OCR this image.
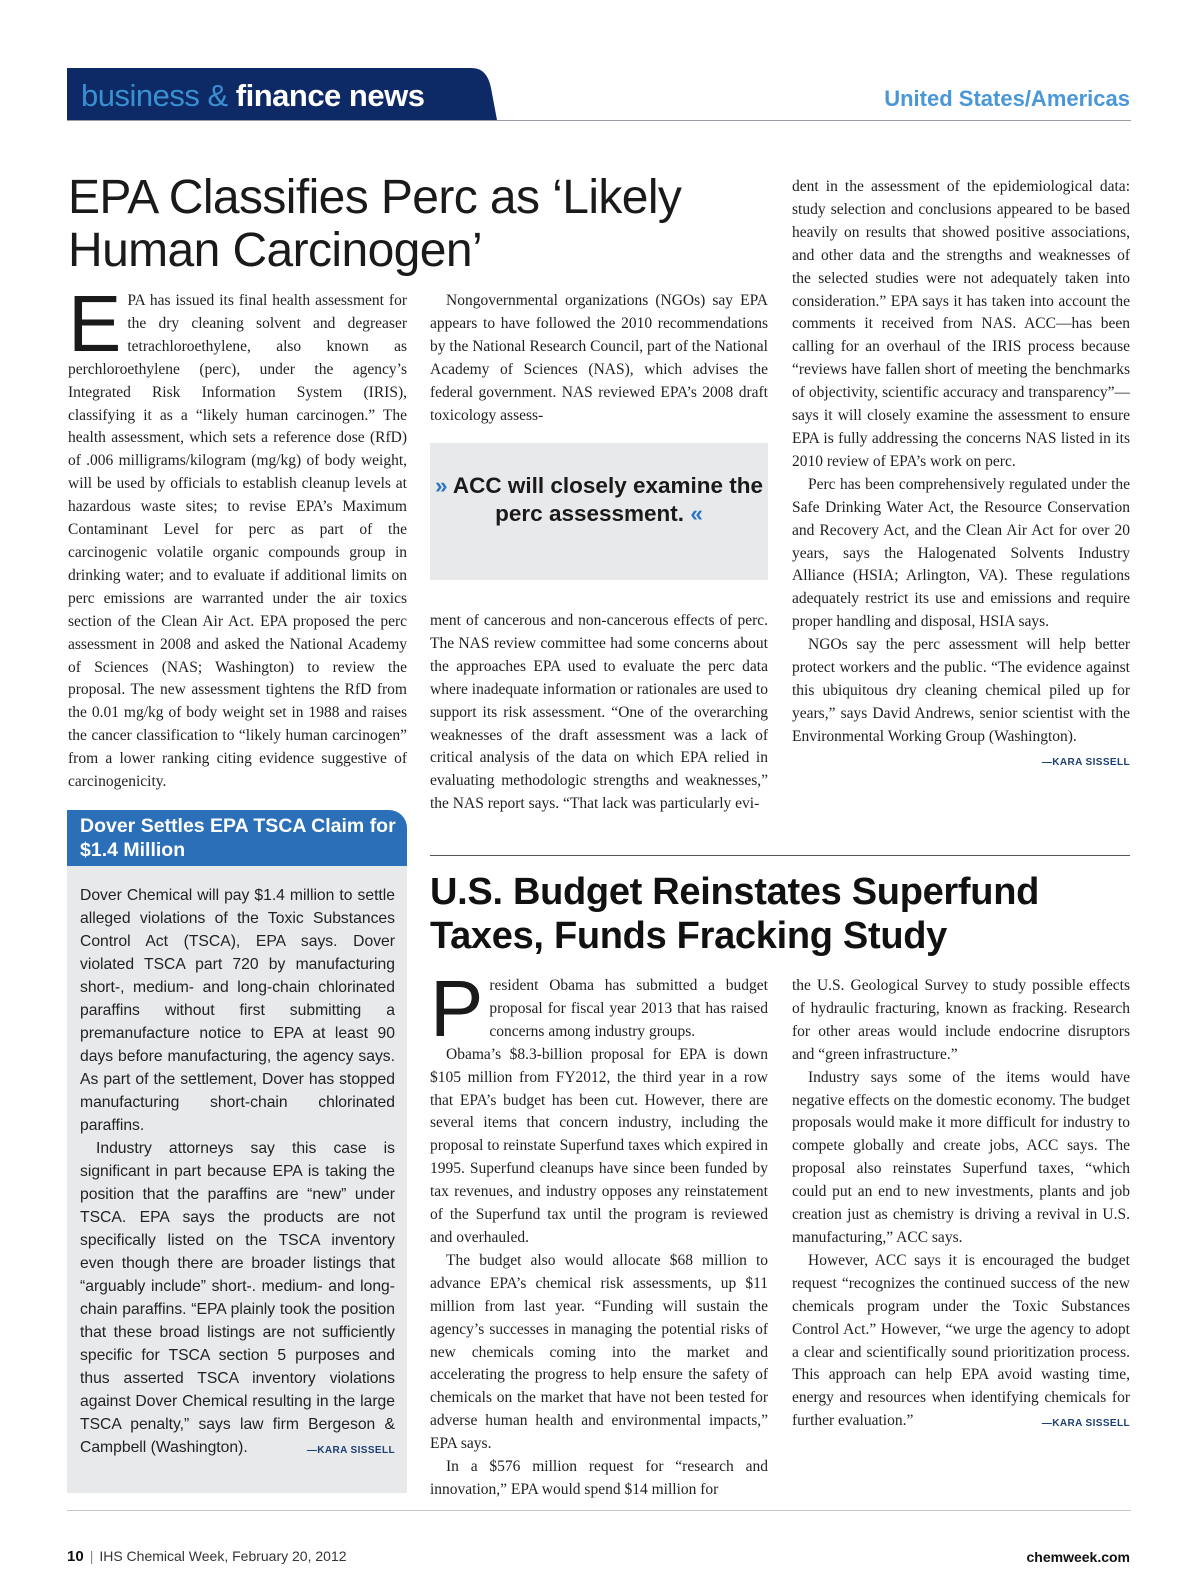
business & finance news	United States/Americas
EPA Classifies Perc as ‘Likely Human Carcinogen’

EPA has issued its final health assessment for the dry cleaning solvent and degreaser tetrachloroethylene, also known as perchloroethylene (perc), under the agency’s Integrated Risk Information System (IRIS), classifying it as a “likely human carcinogen.” The health assessment, which sets a reference dose (RfD) of .006 milligrams/kilogram (mg/kg) of body weight, will be used by officials to establish cleanup levels at hazardous waste sites; to revise EPA’s Maximum Contaminant Level for perc as part of the carcinogenic volatile organic compounds group in drinking water; and to evaluate if additional limits on perc emissions are warranted under the air toxics section of the Clean Air Act. EPA proposed the perc assessment in 2008 and asked the National Academy of Sciences (NAS; Washington) to review the proposal. The new assessment tightens the RfD from the 0.01 mg/kg of body weight set in 1988 and raises the cancer classification to “likely human carcinogen” from a lower ranking citing evidence suggestive of carcinogenicity.

Nongovernmental organizations (NGOs) say EPA appears to have followed the 2010 recommendations by the National Research Council, part of the National Academy of Sciences (NAS), which advises the federal government. NAS reviewed EPA’s 2008 draft toxicology assess-

» ACC will closely examine the perc assessment. «

ment of cancerous and non-cancerous effects of perc. The NAS review committee had some concerns about the approaches EPA used to evaluate the perc data where inadequate information or rationales are used to support its risk assessment. “One of the overarching weaknesses of the draft assessment was a lack of critical analysis of the data on which EPA relied in evaluating methodologic strengths and weaknesses,” the NAS report says. “That lack was particularly evi-

dent in the assessment of the epidemiological data: study selection and conclusions appeared to be based heavily on results that showed positive associations, and other data and the strengths and weaknesses of the selected studies were not adequately taken into consideration.” EPA says it has taken into account the comments it received from NAS. ACC—has been calling for an overhaul of the IRIS process because “reviews have fallen short of meeting the benchmarks of objectivity, scientific accuracy and transparency”—says it will closely examine the assessment to ensure EPA is fully addressing the concerns NAS listed in its 2010 review of EPA’s work on perc.

Perc has been comprehensively regulated under the Safe Drinking Water Act, the Resource Conservation and Recovery Act, and the Clean Air Act for over 20 years, says the Halogenated Solvents Industry Alliance (HSIA; Arlington, VA). These regulations adequately restrict its use and emissions and require proper handling and disposal, HSIA says.

NGOs say the perc assessment will help better protect workers and the public. “The evidence against this ubiquitous dry cleaning chemical piled up for years,” says David Andrews, senior scientist with the Environmental Working Group (Washington).
—KARA SISSELL

Dover Settles EPA TSCA Claim for $1.4 Million

Dover Chemical will pay $1.4 million to settle alleged violations of the Toxic Substances Control Act (TSCA), EPA says. Dover violated TSCA part 720 by manufacturing short-, medium- and long-chain chlorinated paraffins without first submitting a premanufacture notice to EPA at least 90 days before manufacturing, the agency says. As part of the settlement, Dover has stopped manufacturing short-chain chlorinated paraffins.

Industry attorneys say this case is significant in part because EPA is taking the position that the paraffins are “new” under TSCA. EPA says the products are not specifically listed on the TSCA inventory even though there are broader listings that “arguably include” short-. medium- and long-chain paraffins. “EPA plainly took the position that these broad listings are not sufficiently specific for TSCA section 5 purposes and thus asserted TSCA inventory violations against Dover Chemical resulting in the large TSCA penalty,” says law firm Bergeson & Campbell (Washington).	—KARA SISSELL

U.S. Budget Reinstates Superfund Taxes, Funds Fracking Study

President Obama has submitted a budget proposal for fiscal year 2013 that has raised concerns among industry groups.

Obama’s $8.3-billion proposal for EPA is down $105 million from FY2012, the third year in a row that EPA’s budget has been cut. However, there are several items that concern industry, including the proposal to reinstate Superfund taxes which expired in 1995. Superfund cleanups have since been funded by tax revenues, and industry opposes any reinstatement of the Superfund tax until the program is reviewed and overhauled.

The budget also would allocate $68 million to advance EPA’s chemical risk assessments, up $11 million from last year. “Funding will sustain the agency’s successes in managing the potential risks of new chemicals coming into the market and accelerating the progress to help ensure the safety of chemicals on the market that have not been tested for adverse human health and environmental impacts,” EPA says.

In a $576 million request for “research and innovation,” EPA would spend $14 million for

the U.S. Geological Survey to study possible effects of hydraulic fracturing, known as fracking. Research for other areas would include endocrine disruptors and “green infrastructure.”

Industry says some of the items would have negative effects on the domestic economy. The budget proposals would make it more difficult for industry to compete globally and create jobs, ACC says. The proposal also reinstates Superfund taxes, “which could put an end to new investments, plants and job creation just as chemistry is driving a revival in U.S. manufacturing,” ACC says.

However, ACC says it is encouraged the budget request “recognizes the continued success of the new chemicals program under the Toxic Substances Control Act.” However, “we urge the agency to adopt a clear and scientifically sound prioritization process. This approach can help EPA avoid wasting time, energy and resources when identifying chemicals for further evaluation.”	—KARA SISSELL

10 | IHS Chemical Week, February 20, 2012	chemweek.com
